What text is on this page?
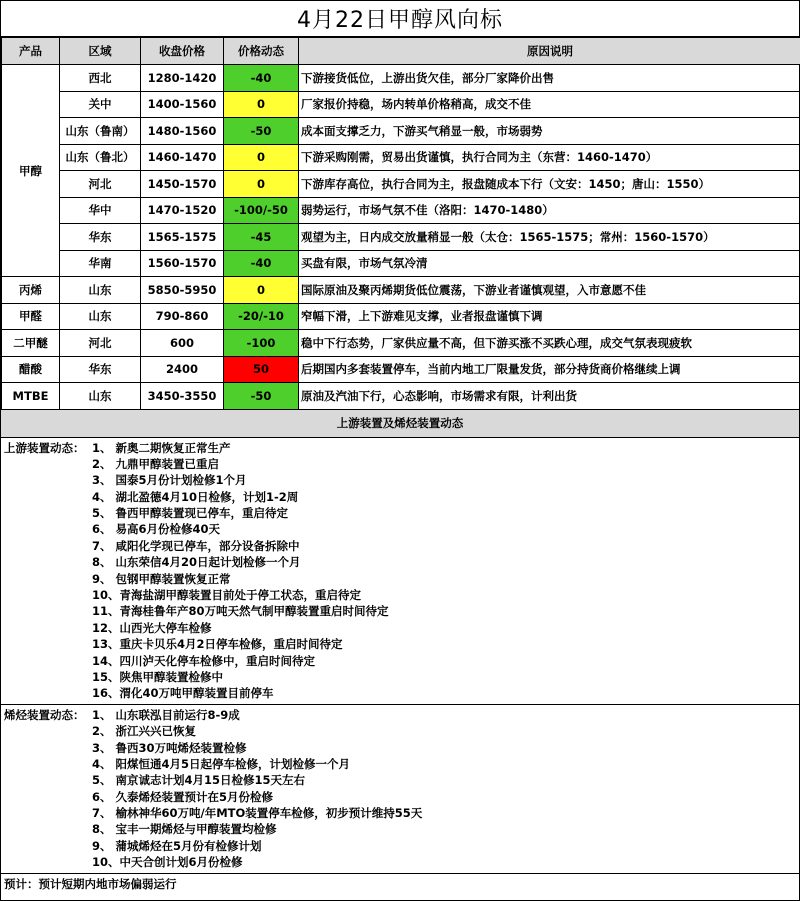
4月22日甲醇风向标
产品	区域	收盘价格	价格动态	原因说明
甲醇	西北	1280-1420	-40	下游接货低位，上游出货欠佳，部分厂家降价出售
	关中	1400-1560	0	厂家报价持稳，场内转单价格稍高，成交不佳
	山东（鲁南）	1480-1560	-50	成本面支撑乏力，下游买气稍显一般，市场弱势
	山东（鲁北）	1460-1470	0	下游采购刚需，贸易出货谨慎，执行合同为主（东营：1460-1470）
	河北	1450-1570	0	下游库存高位，执行合同为主，报盘随成本下行（文安：1450；唐山：1550）
	华中	1470-1520	-100/-50	弱势运行，市场气氛不佳（洛阳：1470-1480）
	华东	1565-1575	-45	观望为主，日内成交放量稍显一般（太仓：1565-1575；常州：1560-1570）
	华南	1560-1570	-40	买盘有限，市场气氛冷清
丙烯	山东	5850-5950	0	国际原油及聚丙烯期货低位震荡，下游业者谨慎观望，入市意愿不佳
甲醛	山东	790-860	-20/-10	窄幅下滑，上下游难见支撑，业者报盘谨慎下调
二甲醚	河北	600	-100	稳中下行态势，厂家供应量不高，但下游买涨不买跌心理，成交气氛表现疲软
醋酸	华东	2400	50	后期国内多套装置停车，当前内地工厂限量发货，部分持货商价格继续上调
MTBE	山东	3450-3550	-50	原油及汽油下行，心态影响，市场需求有限，计利出货
上游装置及烯烃装置动态
上游装置动态： 1、 新奥二期恢复正常生产
2、 九鼎甲醇装置已重启
3、 国泰5月份计划检修1个月
4、 湖北盈德4月10日检修，计划1-2周
5、 鲁西甲醇装置现已停车，重启待定
6、 易高6月份检修40天
7、 咸阳化学现已停车，部分设备拆除中
8、 山东荣信4月20日起计划检修一个月
9、 包钢甲醇装置恢复正常
10、青海盐湖甲醇装置目前处于停工状态，重启待定
11、青海桂鲁年产80万吨天然气制甲醇装置重启时间待定
12、山西光大停车检修
13、重庆卡贝乐4月2日停车检修，重启时间待定
14、四川泸天化停车检修中，重启时间待定
15、陕焦甲醇装置检修中
16、渭化40万吨甲醇装置目前停车
烯烃装置动态： 1、 山东联泓目前运行8-9成
2、 浙江兴兴已恢复
3、 鲁西30万吨烯烃装置检修
4、 阳煤恒通4月5日起停车检修，计划检修一个月
5、 南京诚志计划4月15日检修15天左右
6、 久泰烯烃装置预计在5月份检修
7、 榆林神华60万吨/年MTO装置停车检修，初步预计维持55天
8、 宝丰一期烯烃与甲醇装置均检修
9、 蒲城烯烃在5月份有检修计划
10、中天合创计划6月份检修
预计：预计短期内地市场偏弱运行
